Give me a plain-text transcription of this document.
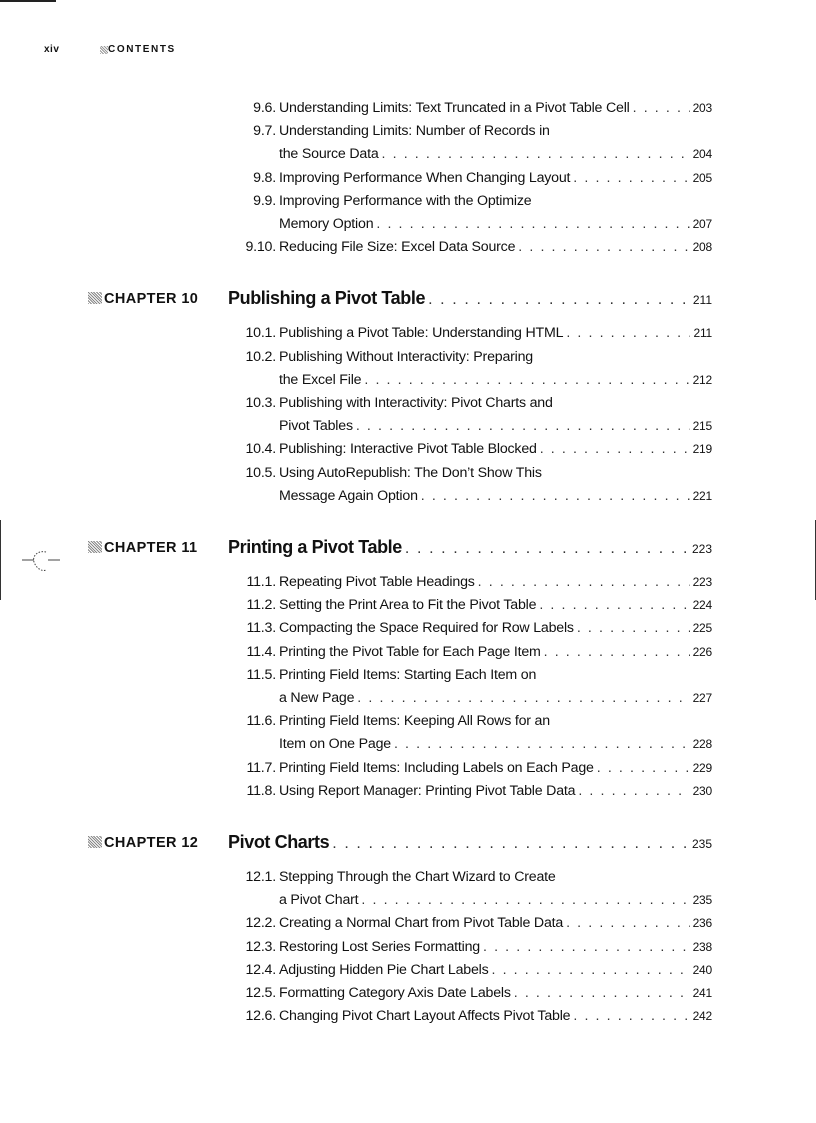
xiv	CONTENTS
9.6. Understanding Limits: Text Truncated in a Pivot Table Cell . . .	203
9.7. Understanding Limits: Number of Records in
the Source Data . . .	204
9.8. Improving Performance When Changing Layout . . .	205
9.9. Improving Performance with the Optimize
Memory Option . . .	207
9.10. Reducing File Size: Excel Data Source . . .	208
CHAPTER 10 Publishing a Pivot Table . . .	211
10.1. Publishing a Pivot Table: Understanding HTML . . .	211
10.2. Publishing Without Interactivity: Preparing
the Excel File . . .	212
10.3. Publishing with Interactivity: Pivot Charts and
Pivot Tables . . .	215
10.4. Publishing: Interactive Pivot Table Blocked . . .	219
10.5. Using AutoRepublish: The Don’t Show This
Message Again Option . . .	221
CHAPTER 11 Printing a Pivot Table . . .	223
11.1. Repeating Pivot Table Headings . . .	223
11.2. Setting the Print Area to Fit the Pivot Table . . .	224
11.3. Compacting the Space Required for Row Labels . . .	225
11.4. Printing the Pivot Table for Each Page Item . . .	226
11.5. Printing Field Items: Starting Each Item on
a New Page . . .	227
11.6. Printing Field Items: Keeping All Rows for an
Item on One Page . . .	228
11.7. Printing Field Items: Including Labels on Each Page . . .	229
11.8. Using Report Manager: Printing Pivot Table Data . . .	230
CHAPTER 12 Pivot Charts . . .	235
12.1. Stepping Through the Chart Wizard to Create
a Pivot Chart . . .	235
12.2. Creating a Normal Chart from Pivot Table Data . . .	236
12.3. Restoring Lost Series Formatting . . .	238
12.4. Adjusting Hidden Pie Chart Labels . . .	240
12.5. Formatting Category Axis Date Labels . . .	241
12.6. Changing Pivot Chart Layout Affects Pivot Table . . .	242
